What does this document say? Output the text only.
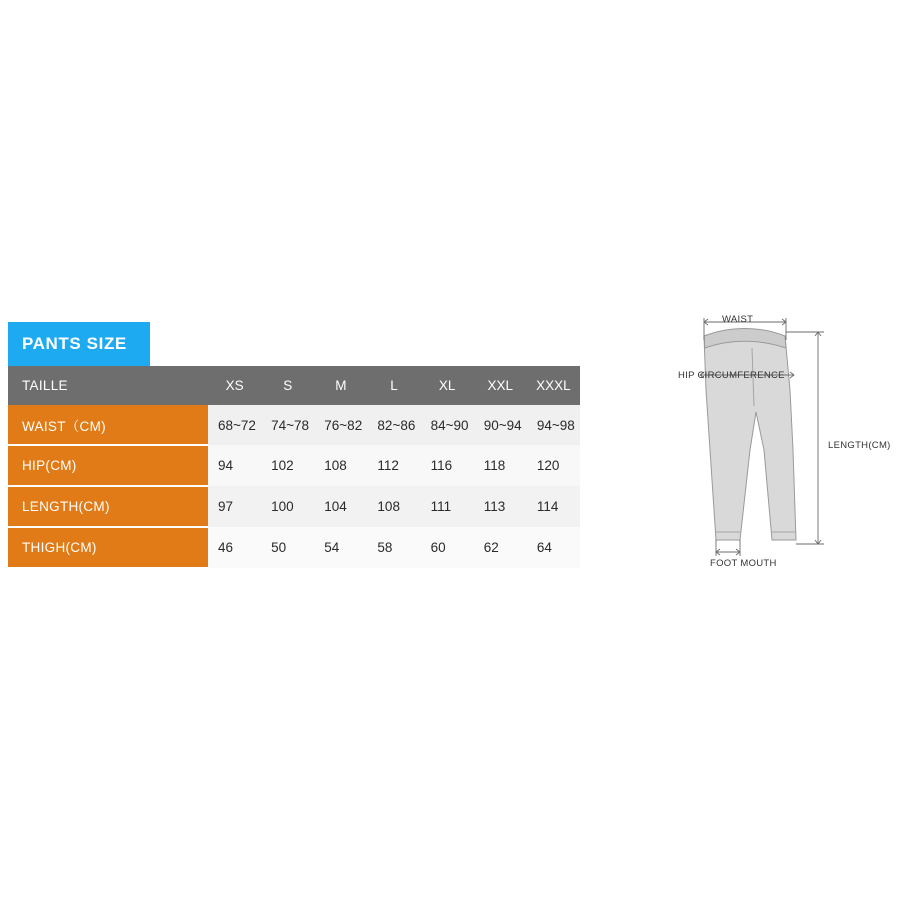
PANTS SIZE
TAILLE	XS	S	M	L	XL	XXL	XXXL
WAIST（CM)	68~72	74~78	76~82	82~86	84~90	90~94	94~98
HIP(CM)	94	102	108	112	116	118	120
LENGTH(CM)	97	100	104	108	111	113	114
THIGH(CM)	46	50	54	58	60	62	64
WAIST
HIP CIRCUMFERENCE
LENGTH(CM)
FOOT MOUTH
